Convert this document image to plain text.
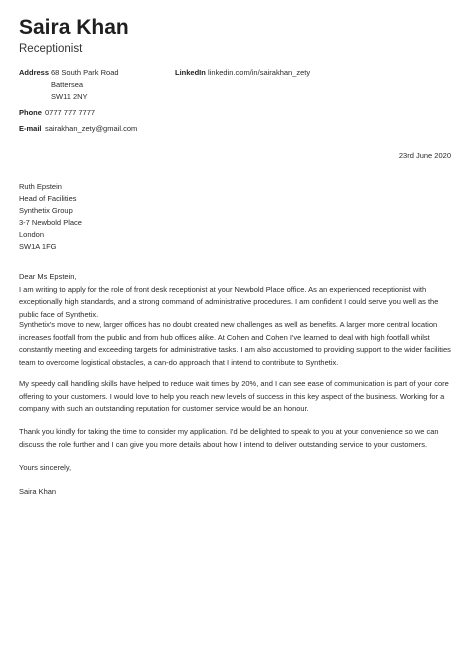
Saira Khan
Receptionist
Address 68 South Park Road
Battersea
SW11 2NY
LinkedIn linkedin.com/in/sairakhan_zety
Phone 0777 777 7777
E-mail sairakhan_zety@gmail.com
23rd June 2020
Ruth Epstein
Head of Facilities
Synthetix Group
3-7 Newbold Place
London
SW1A 1FG

Dear Ms Epstein,

I am writing to apply for the role of front desk receptionist at your Newbold Place office. As an experienced receptionist with exceptionally high standards, and a strong command of administrative procedures. I am confident I could serve you well as the public face of Synthetix.

Synthetix's move to new, larger offices has no doubt created new challenges as well as benefits. A larger more central location increases footfall from the public and from hub offices alike. At Cohen and Cohen I've learned to deal with high footfall whilst constantly meeting and exceeding targets for administrative tasks. I am also accustomed to providing support to the wider facilities team to overcome logistical obstacles, a can-do approach that I intend to contribute to Synthetix.

My speedy call handling skills have helped to reduce wait times by 20%, and I can see ease of communication is part of your core offering to your customers. I would love to help you reach new levels of success in this key aspect of the business. Working for a company with such an outstanding reputation for customer service would be an honour.

Thank you kindly for taking the time to consider my application. I'd be delighted to speak to you at your convenience so we can discuss the role further and I can give you more details about how I intend to deliver outstanding service to your customers.

Yours sincerely,

Saira Khan
